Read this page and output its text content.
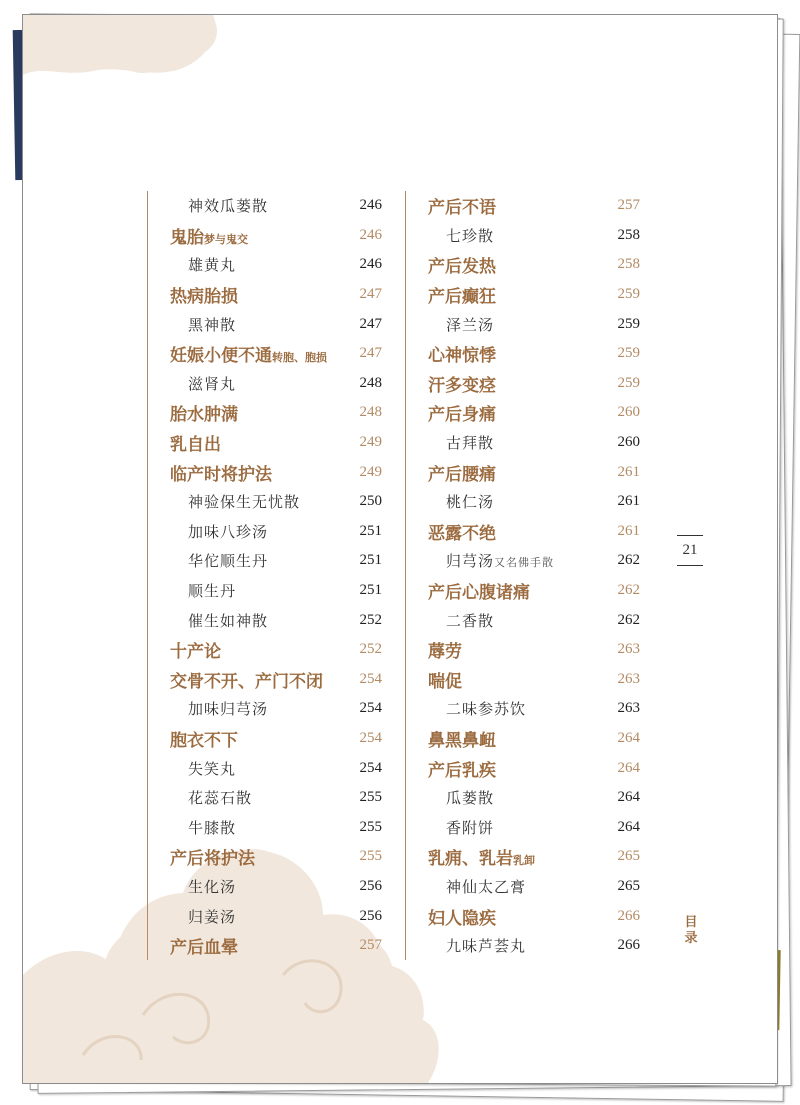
神效瓜蒌散	246
鬼胎梦与鬼交	246
雄黄丸	246
热病胎损	247
黑神散	247
妊娠小便不通转胞、胞损 247
滋肾丸	248
胎水肿满	248
乳自出	249
临产时将护法	249
神验保生无忧散	250
加味八珍汤	251
华佗顺生丹	251
顺生丹	251
催生如神散	252
十产论	252
交骨不开、产门不闭 254
加味归芎汤	254
胞衣不下	254
失笑丸	254
花蕊石散	255
牛膝散	255
产后将护法	255
生化汤	256
归姜汤	256
产后血晕	257
产后不语	257
七珍散	258
产后发热	258
产后癫狂	259
泽兰汤	259
心神惊悸	259
汗多变痉	259
产后身痛	260
古拜散	260
产后腰痛	261
桃仁汤	261
恶露不绝	261
归芎汤又名佛手散	262
产后心腹诸痛	262
二香散	262
蓐劳	263
喘促	263
二味参苏饮	263
鼻黑鼻衄	264
产后乳疾	264
瓜蒌散	264
香附饼	264
乳痈、乳岩乳卸	265
神仙太乙膏	265
妇人隐疾	266
九味芦荟丸	266
21
目
录
